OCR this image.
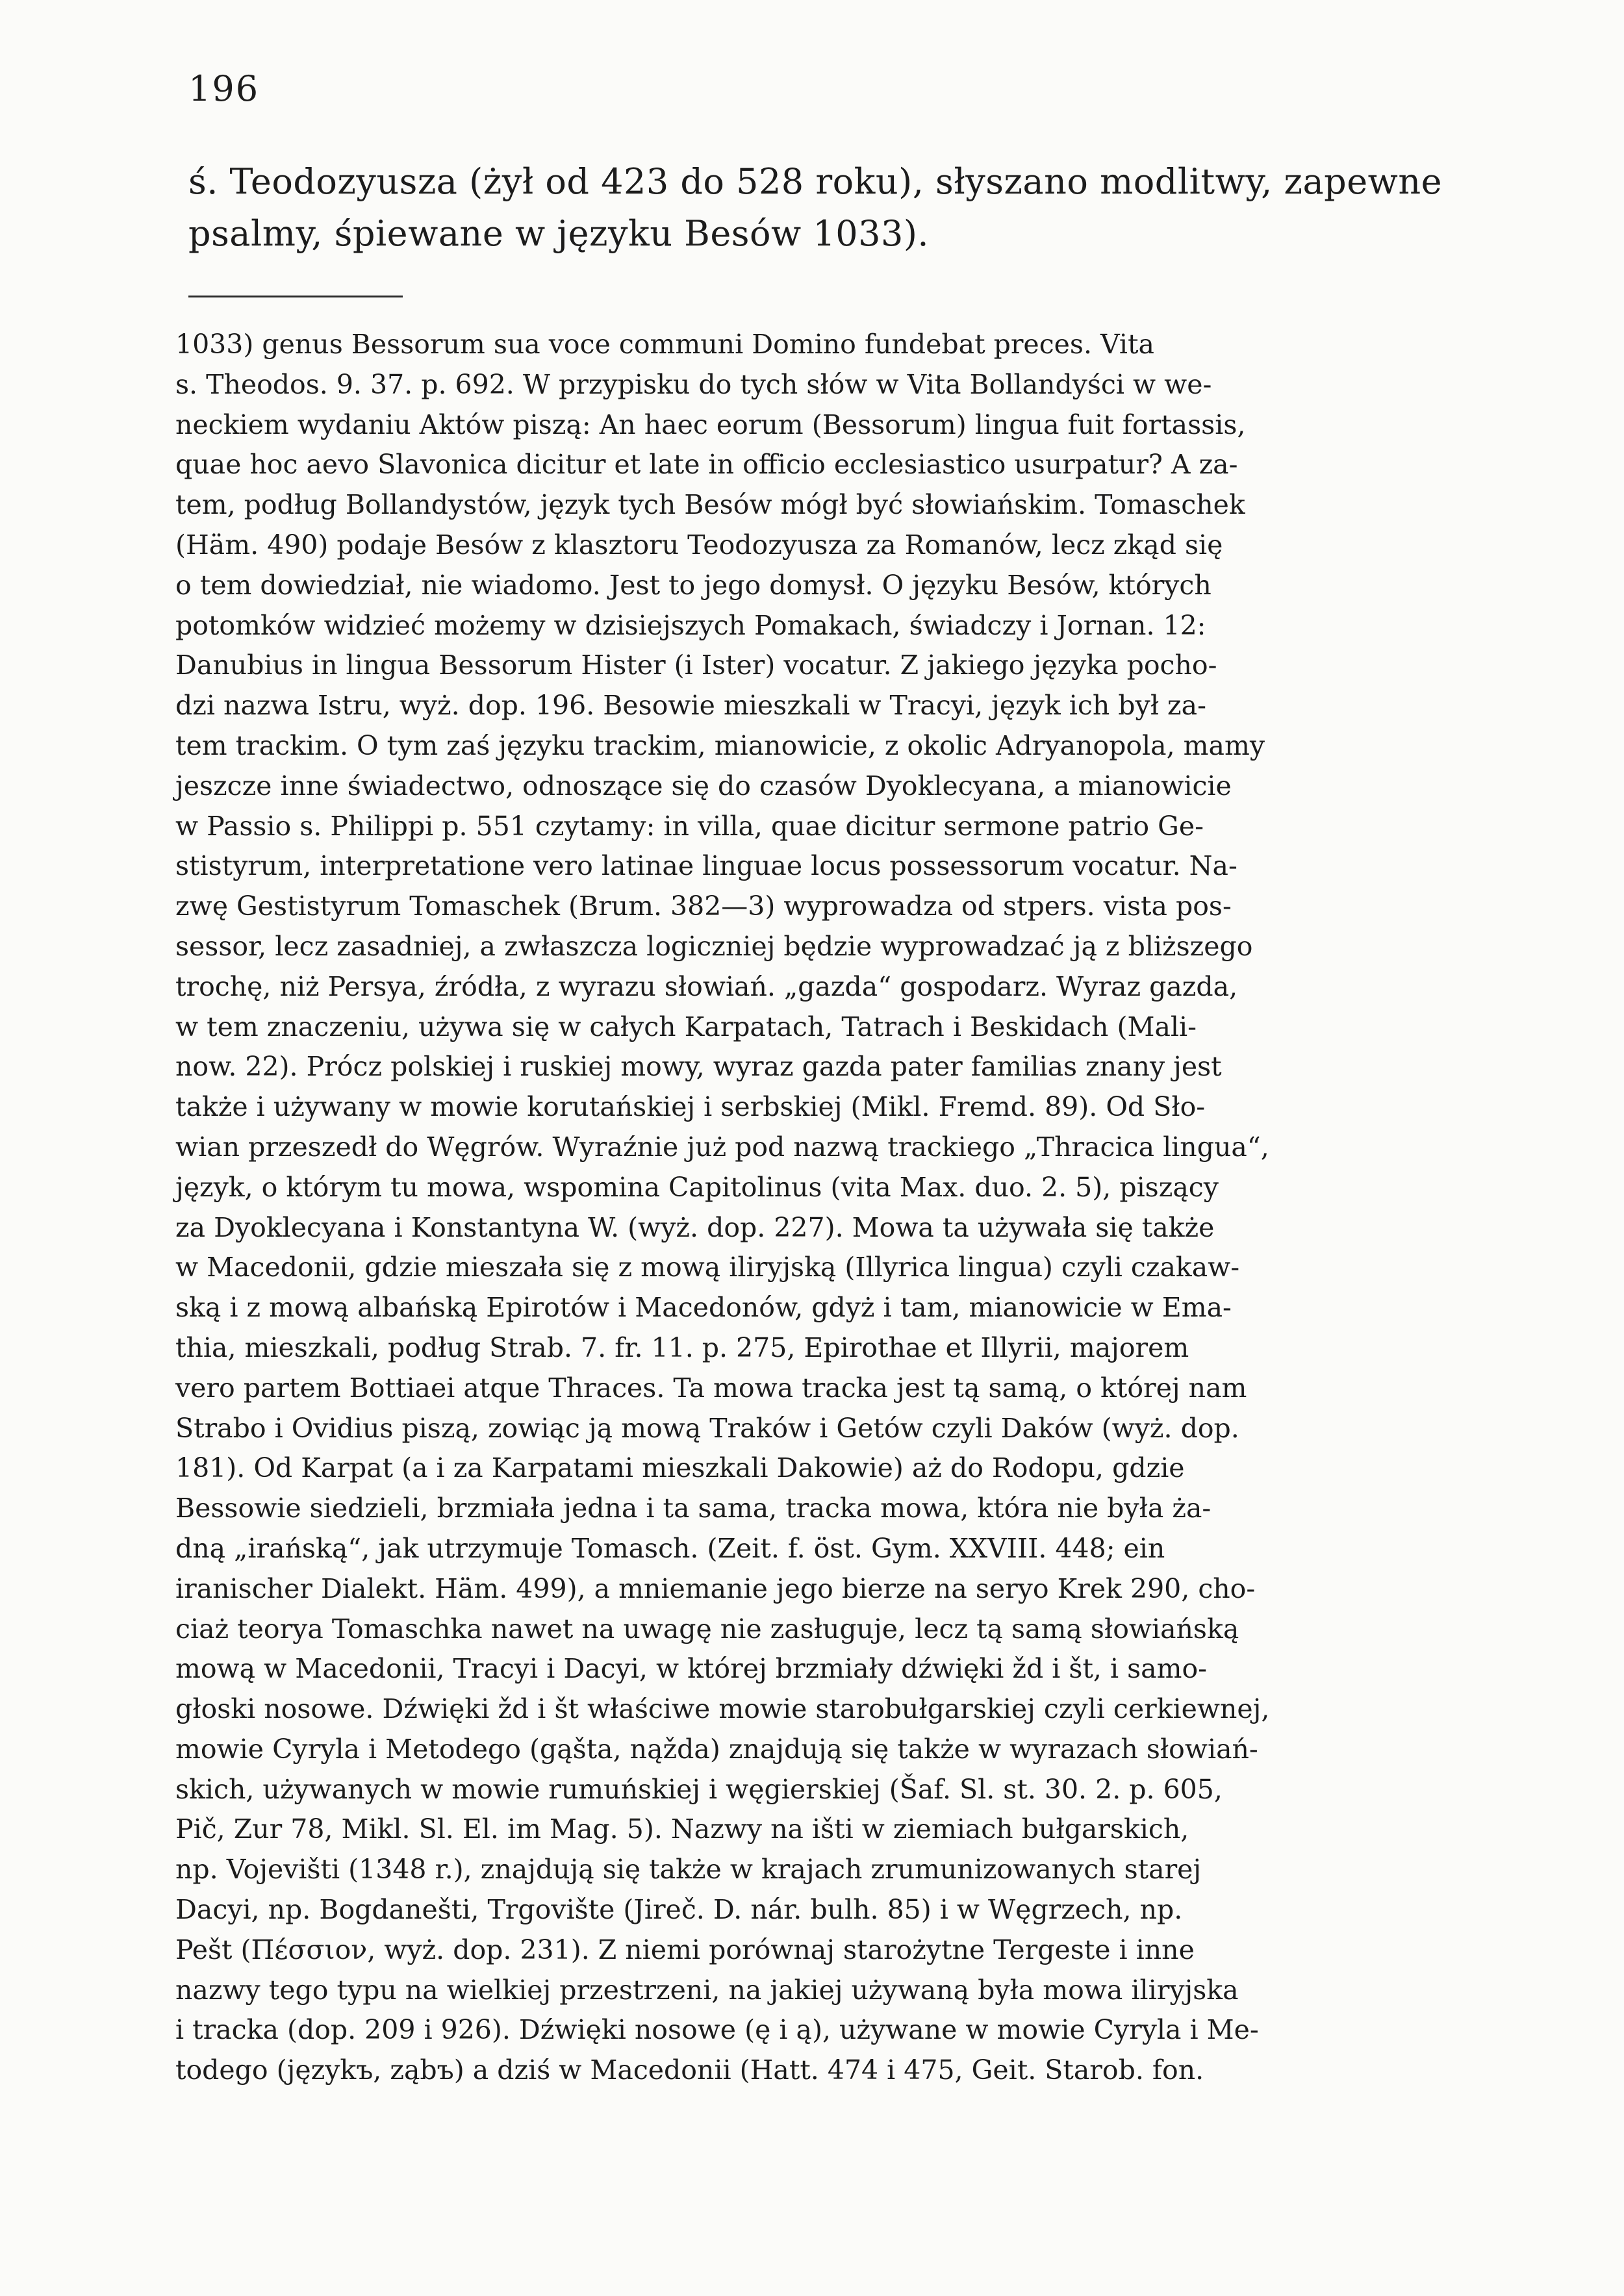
196
ś. Teodozyusza (żył od 423 do 528 roku), słyszano modlitwy, zapewne
psalmy, śpiewane w języku Besów 1033).
1033) genus Bessorum sua voce communi Domino fundebat preces. Vita
s. Theodos. 9. 37. p. 692. W przypisku do tych słów w Vita Bollandyści w we-
neckiem wydaniu Aktów piszą: An haec eorum (Bessorum) lingua fuit fortassis,
quae hoc aevo Slavonica dicitur et late in officio ecclesiastico usurpatur? A za-
tem, podług Bollandystów, język tych Besów mógł być słowiańskim. Tomaschek
(Häm. 490) podaje Besów z klasztoru Teodozyusza za Romanów, lecz zkąd się
o tem dowiedział, nie wiadomo. Jest to jego domysł. O języku Besów, których
potomków widzieć możemy w dzisiejszych Pomakach, świadczy i Jornan. 12:
Danubius in lingua Bessorum Hister (i Ister) vocatur. Z jakiego języka pocho-
dzi nazwa Istru, wyż. dop. 196. Besowie mieszkali w Tracyi, język ich był za-
tem trackim. O tym zaś języku trackim, mianowicie, z okolic Adryanopola, mamy
jeszcze inne świadectwo, odnoszące się do czasów Dyoklecyana, a mianowicie
w Passio s. Philippi p. 551 czytamy: in villa, quae dicitur sermone patrio Ge-
stistyrum, interpretatione vero latinae linguae locus possessorum vocatur. Na-
zwę Gestistyrum Tomaschek (Brum. 382—3) wyprowadza od stpers. vista pos-
sessor, lecz zasadniej, a zwłaszcza logiczniej będzie wyprowadzać ją z bliższego
trochę, niż Persya, źródła, z wyrazu słowiań. „gazda“ gospodarz. Wyraz gazda,
w tem znaczeniu, używa się w całych Karpatach, Tatrach i Beskidach (Mali-
now. 22). Prócz polskiej i ruskiej mowy, wyraz gazda pater familias znany jest
także i używany w mowie korutańskiej i serbskiej (Mikl. Fremd. 89). Od Sło-
wian przeszedł do Węgrów. Wyraźnie już pod nazwą trackiego „Thracica lingua“,
język, o którym tu mowa, wspomina Capitolinus (vita Max. duo. 2. 5), piszący
za Dyoklecyana i Konstantyna W. (wyż. dop. 227). Mowa ta używała się także
w Macedonii, gdzie mieszała się z mową iliryjską (Illyrica lingua) czyli czakaw-
ską i z mową albańską Epirotów i Macedonów, gdyż i tam, mianowicie w Ema-
thia, mieszkali, podług Strab. 7. fr. 11. p. 275, Epirothae et Illyrii, majorem
vero partem Bottiaei atque Thraces. Ta mowa tracka jest tą samą, o której nam
Strabo i Ovidius piszą, zowiąc ją mową Traków i Getów czyli Daków (wyż. dop.
181). Od Karpat (a i za Karpatami mieszkali Dakowie) aż do Rodopu, gdzie
Bessowie siedzieli, brzmiała jedna i ta sama, tracka mowa, która nie była ża-
dną „irańską“, jak utrzymuje Tomasch. (Zeit. f. öst. Gym. XXVIII. 448; ein
iranischer Dialekt. Häm. 499), a mniemanie jego bierze na seryo Krek 290, cho-
ciaż teorya Tomaschka nawet na uwagę nie zasługuje, lecz tą samą słowiańską
mową w Macedonii, Tracyi i Dacyi, w której brzmiały dźwięki žd i št, i samo-
głoski nosowe. Dźwięki žd i št właściwe mowie starobułgarskiej czyli cerkiewnej,
mowie Cyryla i Metodego (gąšta, nąžda) znajdują się także w wyrazach słowiań-
skich, używanych w mowie rumuńskiej i węgierskiej (Šaf. Sl. st. 30. 2. p. 605,
Pič, Zur 78, Mikl. Sl. El. im Mag. 5). Nazwy na išti w ziemiach bułgarskich,
np. Vojevišti (1348 r.), znajdują się także w krajach zrumunizowanych starej
Dacyi, np. Bogdanešti, Trgovište (Jireč. D. nár. bulh. 85) i w Węgrzech, np.
Pešt (Πέσσιον, wyż. dop. 231). Z niemi porównaj starożytne Tergeste i inne
nazwy tego typu na wielkiej przestrzeni, na jakiej używaną była mowa iliryjska
i tracka (dop. 209 i 926). Dźwięki nosowe (ę i ą), używane w mowie Cyryla i Me-
todego (językъ, ząbъ) a dziś w Macedonii (Hatt. 474 i 475, Geit. Starob. fon.
